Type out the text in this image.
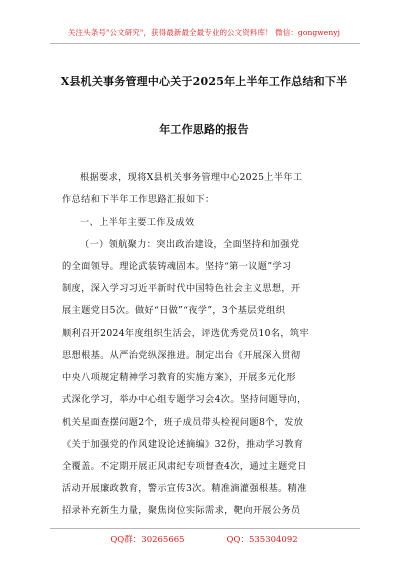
关注头条号"公文研究"，获得最新最全最专业的公文资料库！ 微信：gongwenyj
X县机关事务管理中心关于2025年上半年工作总结和下半
年工作思路的报告
根据要求，现将X县机关事务管理中心2025上半年工
作总结和下半年工作思路汇报如下：
一、上半年主要工作及成效
（一）领航聚力：突出政治建设，全面坚持和加强党
的全面领导。理论武装铸魂固本。坚持“第一议题”学习
制度，深入学习习近平新时代中国特色社会主义思想，开
展主题党日5次。做好“日做”“夜学”，3个基层党组织
顺利召开2024年度组织生活会，评选优秀党员10名，筑牢
思想根基。从严治党纵深推进。制定出台《开展深入贯彻
中央八项规定精神学习教育的实施方案》，开展多元化形
式深化学习，举办中心组专题学习会4次。坚持问题导向，
机关星面查摆问题2个，班子成员带头检视问题8个，发放
《关于加强党的作风建设论述摘编》32份，推动学习教育
全覆盖。不定期开展正风肃纪专项督查4次，通过主题党日
活动开展廉政教育，警示宣传3次。精准滴灌强根基。精准
招录补充新生力量，聚焦岗位实际需求，靶向开展公务员
QQ群：30265665	QQ：535304092
